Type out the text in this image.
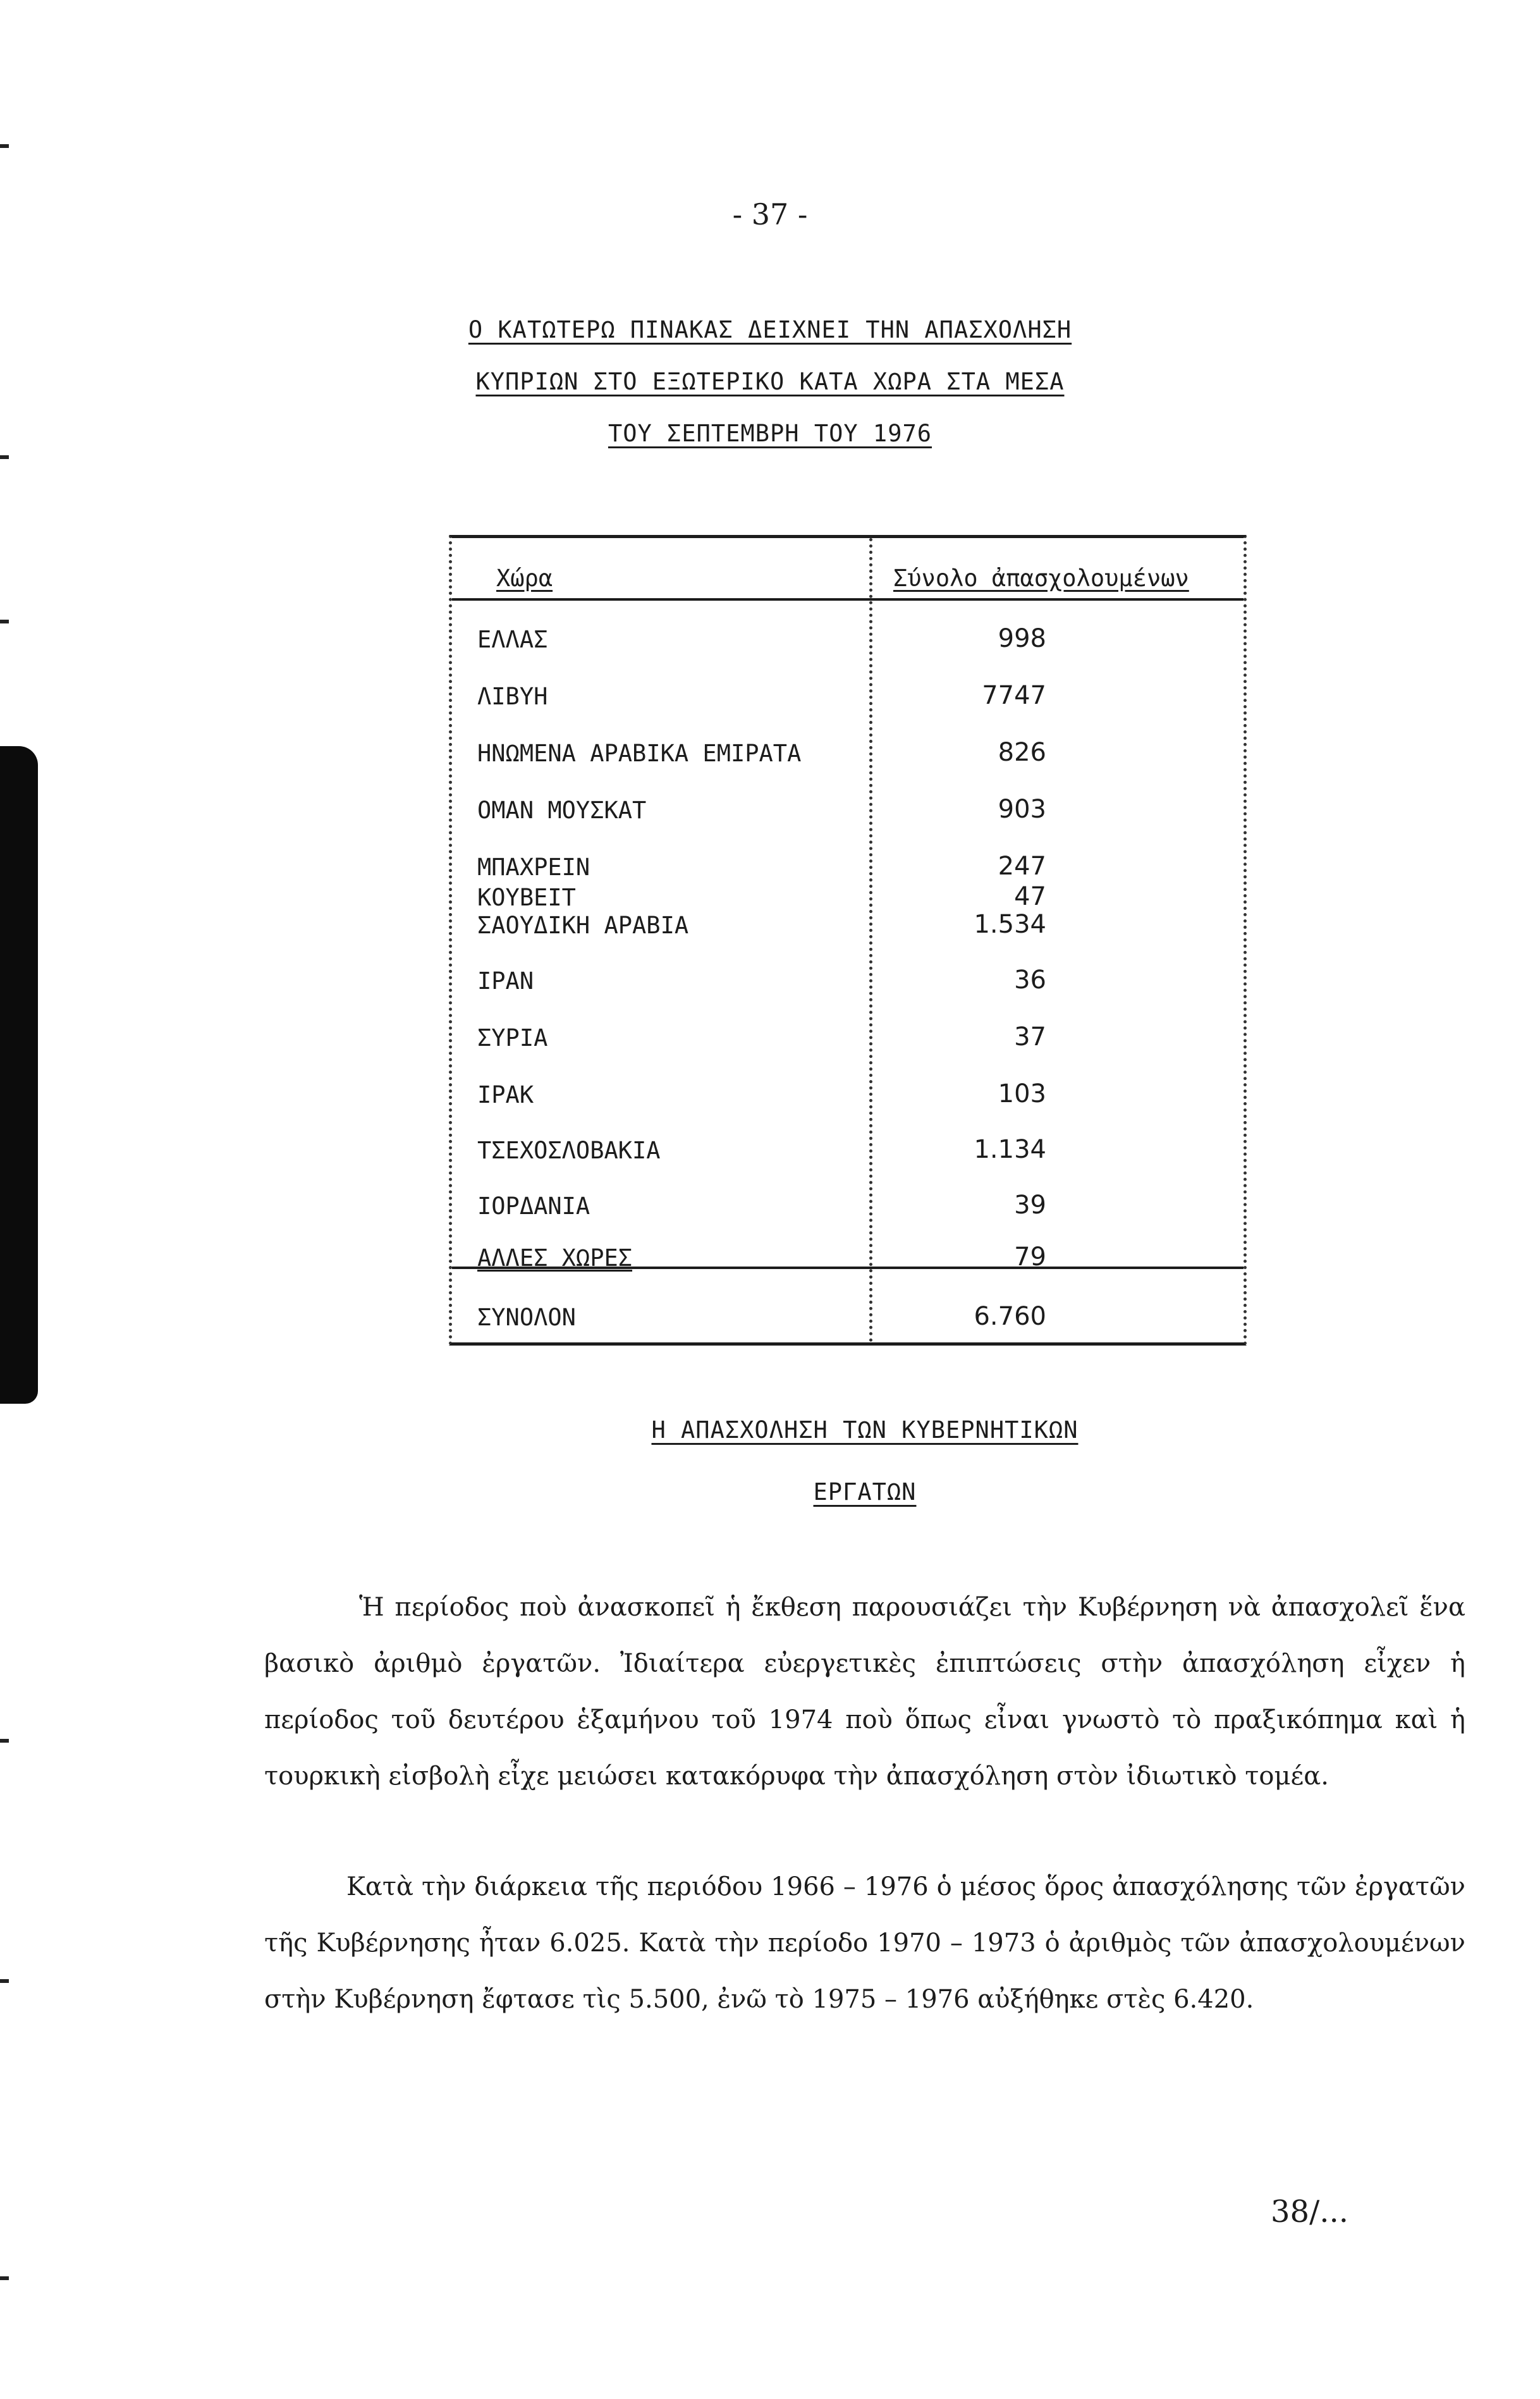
- 37 -
Ο ΚΑΤΩΤΕΡΩ ΠΙΝΑΚΑΣ ΔΕΙΧΝΕΙ ΤΗΝ ΑΠΑΣΧΟΛΗΣΗ
ΚΥΠΡΙΩΝ ΣΤΟ ΕΞΩΤΕΡΙΚΟ ΚΑΤΑ ΧΩΡΑ ΣΤΑ ΜΕΣΑ
ΤΟΥ ΣΕΠΤΕΜΒΡΗ ΤΟΥ 1976
Χώρα	Σύνολο ἀπασχολουμένων
ΕΛΛΑΣ	998
ΛΙΒΥΗ	7747
ΗΝΩΜΕΝΑ ΑΡΑΒΙΚΑ ΕΜΙΡΑΤΑ	826
ΟΜΑΝ ΜΟΥΣΚΑΤ	903
ΜΠΑΧΡΕΙΝ	247
ΚΟΥΒΕΙΤ	47
ΣΑΟΥΔΙΚΗ ΑΡΑΒΙΑ	1.534
ΙΡΑΝ	36
ΣΥΡΙΑ	37
ΙΡΑΚ	103
ΤΣΕΧΟΣΛΟΒΑΚΙΑ	1.134
ΙΟΡΔΑΝΙΑ	39
ΑΛΛΕΣ ΧΩΡΕΣ	79
ΣΥΝΟΛΟΝ	6.760
Η ΑΠΑΣΧΟΛΗΣΗ ΤΩΝ ΚΥΒΕΡΝΗΤΙΚΩΝ
ΕΡΓΑΤΩΝ

Ἡ περίοδος ποὺ ἀνασκοπεῖ ἡ ἔκθεση παρουσιάζει τὴν Κυβέρνηση νὰ ἀπασχολεῖ ἕνα βασικὸ ἀριθμὸ ἐργατῶν. Ἰδιαίτερα εὐεργετικὲς ἐπιπτώσεις στὴν ἀπασχόληση εἶχεν ἡ περίοδος τοῦ δευτέρου ἑξαμήνου τοῦ 1974 ποὺ ὅπως εἶναι γνωστὸ τὸ πραξικόπημα καὶ ἡ τουρκικὴ εἰσβολὴ εἶχε μειώσει κατακόρυφα τὴν ἀπασχόληση στὸν ἰδιωτικὸ τομέα.

Κατὰ τὴν διάρκεια τῆς περιόδου 1966 – 1976 ὁ μέσος ὅρος ἀπασχόλησης τῶν ἐργατῶν τῆς Κυβέρνησης ἦταν 6.025. Κατὰ τὴν περίοδο 1970 – 1973 ὁ ἀριθμὸς τῶν ἀπασχολουμένων στὴν Κυβέρνηση ἔφτασε τὶς 5.500, ἐνῶ τὸ 1975 – 1976 αὐξήθηκε στὲς 6.420.

38/...
